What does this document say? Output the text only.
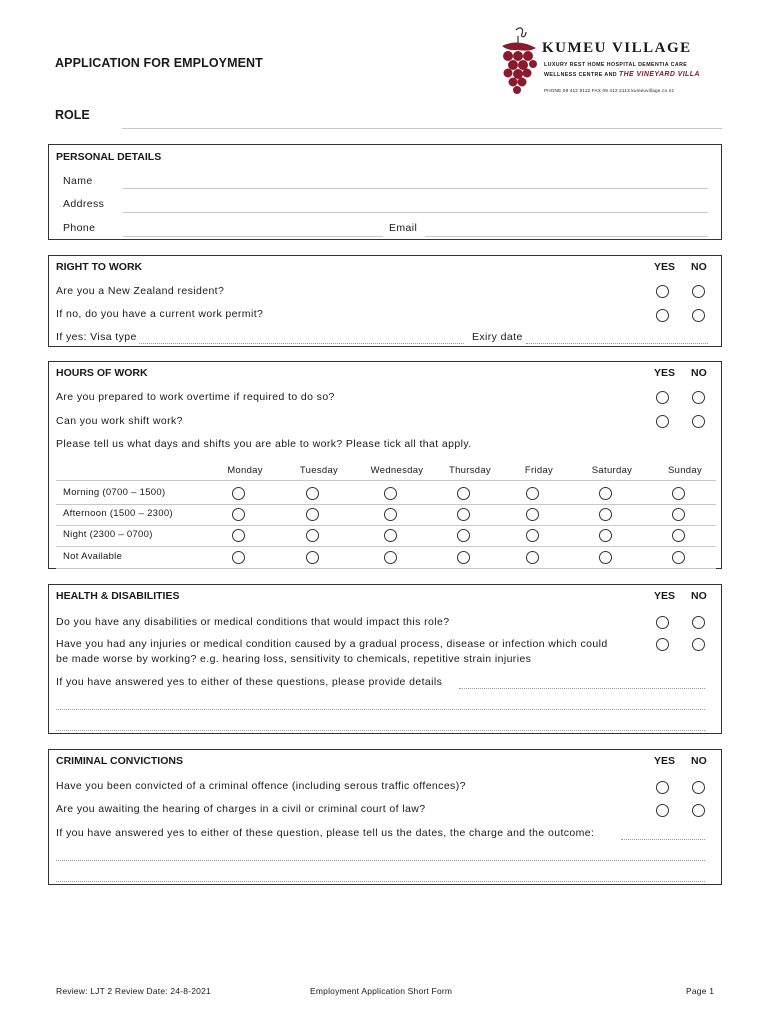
APPLICATION FOR EMPLOYMENT
KUMEU VILLAGE
LUXURY REST HOME HOSPITAL DEMENTIA CARE
WELLNESS CENTRE AND THE VINEYARD VILLA
PHONE 09 412 9112 FAX 09 412 2113 kumeuvillage.co.nz
ROLE
PERSONAL DETAILS
Name
Address
Phone	Email
RIGHT TO WORK	YES NO
Are you a New Zealand resident?
If no, do you have a current work permit?
If yes: Visa type	Exiry date
HOURS OF WORK	YES NO
Are you prepared to work overtime if required to do so?
Can you work shift work?
Please tell us what days and shifts you are able to work? Please tick all that apply.
Monday	Tuesday	Wednesday	Thursday	Friday	Saturday	Sunday
Morning (0700 – 1500)
Afternoon (1500 – 2300)
Night (2300 – 0700)
Not Available
HEALTH & DISABILITIES	YES NO
Do you have any disabilities or medical conditions that would impact this role?
Have you had any injuries or medical condition caused by a gradual process, disease or infection which could
be made worse by working? e.g. hearing loss, sensitivity to chemicals, repetitive strain injuries
If you have answered yes to either of these questions, please provide details
CRIMINAL CONVICTIONS	YES NO
Have you been convicted of a criminal offence (including serous traffic offences)?
Are you awaiting the hearing of charges in a civil or criminal court of law?
If you have answered yes to either of these question, please tell us the dates, the charge and the outcome:
Review: LJT 2 Review Date: 24-8-2021	Employment Application Short Form	Page 1
